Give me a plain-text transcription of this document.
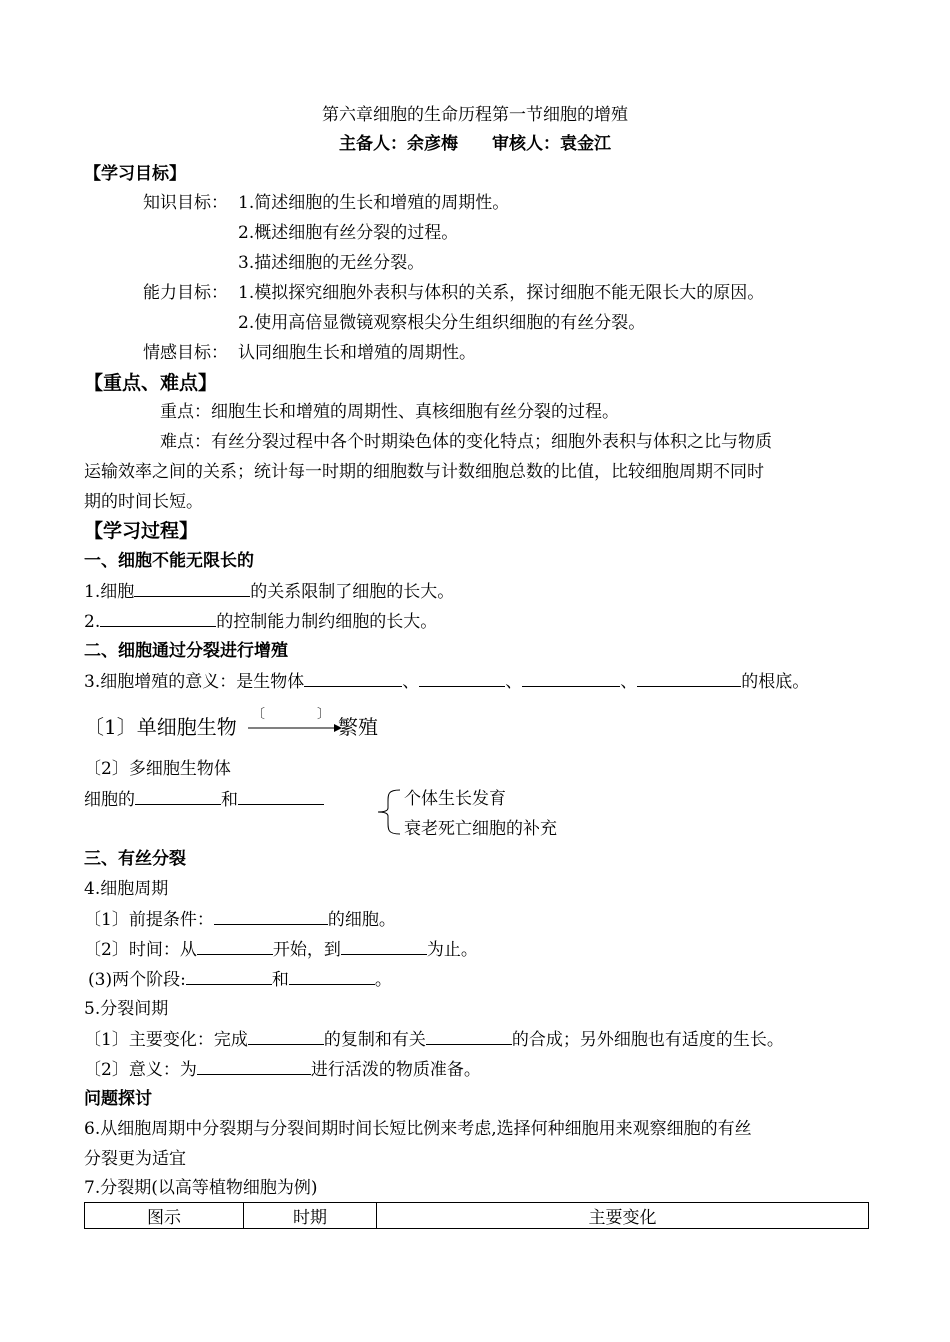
第六章细胞的生命历程第一节细胞的增殖
主备人：余彦梅　　审核人：袁金江
【学习目标】
知识目标： 1.简述细胞的生长和增殖的周期性。
2.概述细胞有丝分裂的过程。
3.描述细胞的无丝分裂。
能力目标： 1.模拟探究细胞外表积与体积的关系，探讨细胞不能无限长大的原因。
2.使用高倍显微镜观察根尖分生组织细胞的有丝分裂。
情感目标： 认同细胞生长和增殖的周期性。
【重点、难点】
重点：细胞生长和增殖的周期性、真核细胞有丝分裂的过程。
难点：有丝分裂过程中各个时期染色体的变化特点；细胞外表积与体积之比与物质
运输效率之间的关系；统计每一时期的细胞数与计数细胞总数的比值，比较细胞周期不同时
期的时间长短。
【学习过程】
一、细胞不能无限长的
1.细胞	的关系限制了细胞的长大。
2.	的控制能力制约细胞的长大。
二、细胞通过分裂进行增殖
3.细胞增殖的意义：是生物体	、	、	、	的根底。
〔1〕单细胞生物
〔　　　　〕
繁殖
〔2〕多细胞生物体
细胞的	和	个体生长发育
衰老死亡细胞的补充
三、有丝分裂
4.细胞周期
〔1〕前提条件：	的细胞。
〔2〕时间：从	开始，到	为止。
(3)两个阶段:	和	。
5.分裂间期
〔1〕主要变化：完成	的复制和有关	的合成；另外细胞也有适度的生长。
〔2〕意义：为	进行活泼的物质准备。
问题探讨
6.从细胞周期中分裂期与分裂间期时间长短比例来考虑,选择何种细胞用来观察细胞的有丝
分裂更为适宜
7.分裂期(以高等植物细胞为例)
图示	时期	主要变化
